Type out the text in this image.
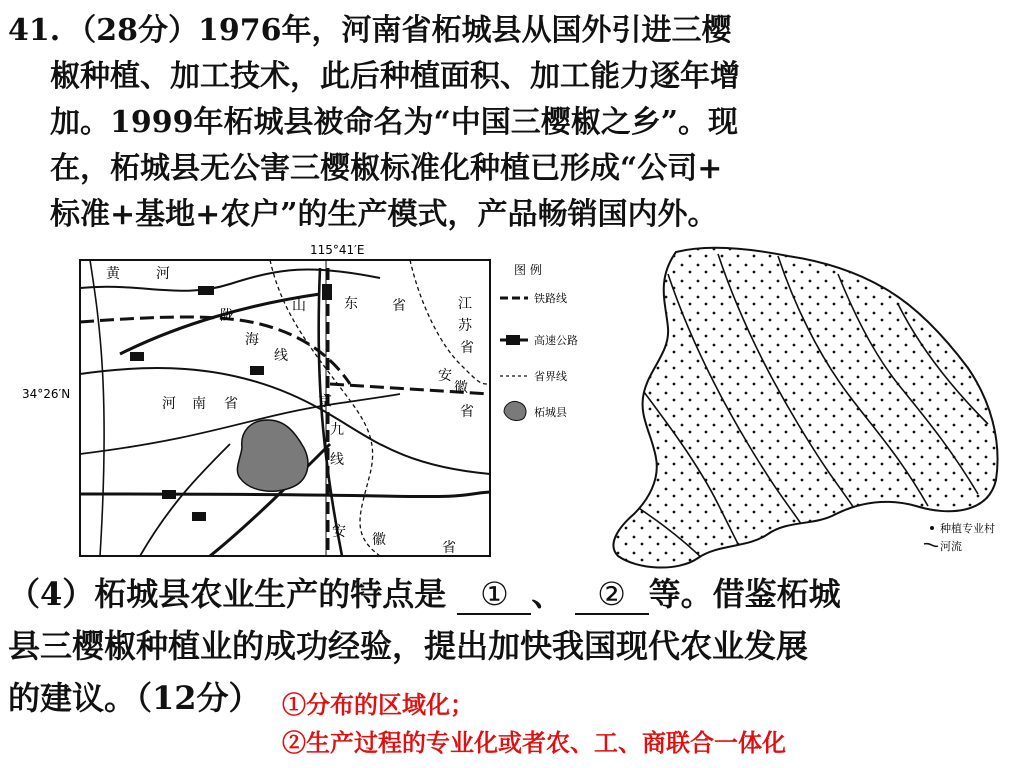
41. （28分）1976年，河南省柘城县从国外引进三樱
椒种植、加工技术，此后种植面积、加工能力逐年增
加。1999年柘城县被命名为“中国三樱椒之乡”。现
在，柘城县无公害三樱椒标准化种植已形成“公司+
标准+基地+农户”的生产模式，产品畅销国内外。
115°41′E
34°26′N
黄	河
陇
海
线
山	东 省	江
苏
省
安
徽
省
河 南 省	京
九
线
安 徽	省
图 例
铁路线
高速公路
省界线
柘城县
种植专业村
河流
（4）柘城县农业生产的特点是 ① 、 ② 等。借鉴柘城
县三樱椒种植业的成功经验，提出加快我国现代农业发展
的建议。（12分） ①分布的区域化；
②生产过程的专业化或者农、工、商联合一体化
